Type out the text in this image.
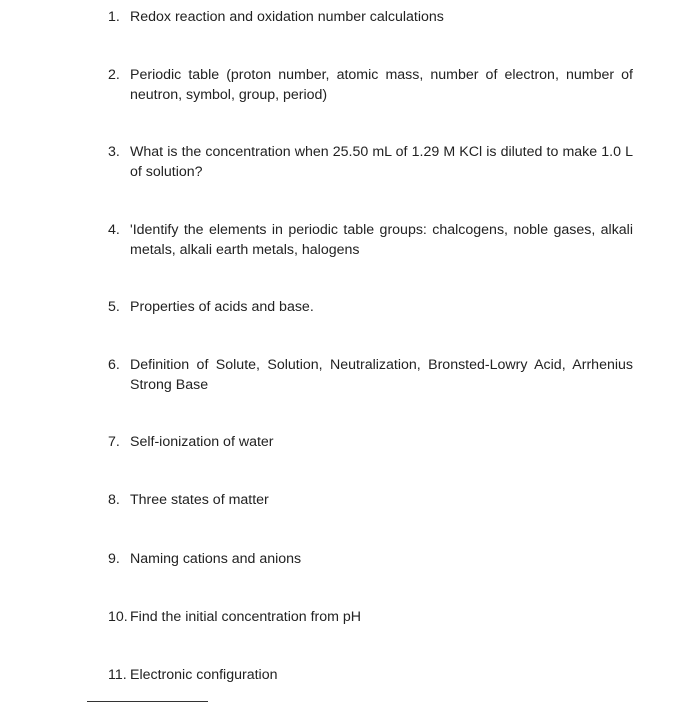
1. Redox reaction and oxidation number calculations
2. Periodic table (proton number, atomic mass, number of electron, number of neutron, symbol, group, period)
3. What is the concentration when 25.50 mL of 1.29 M KCl is diluted to make 1.0 L of solution?
4. 'Identify the elements in periodic table groups: chalcogens, noble gases, alkali metals, alkali earth metals, halogens
5. Properties of acids and base.
6. Definition of Solute, Solution, Neutralization, Bronsted-Lowry Acid, Arrhenius Strong Base
7. Self-ionization of water
8. Three states of matter
9. Naming cations and anions
10. Find the initial concentration from pH
11. Electronic configuration
